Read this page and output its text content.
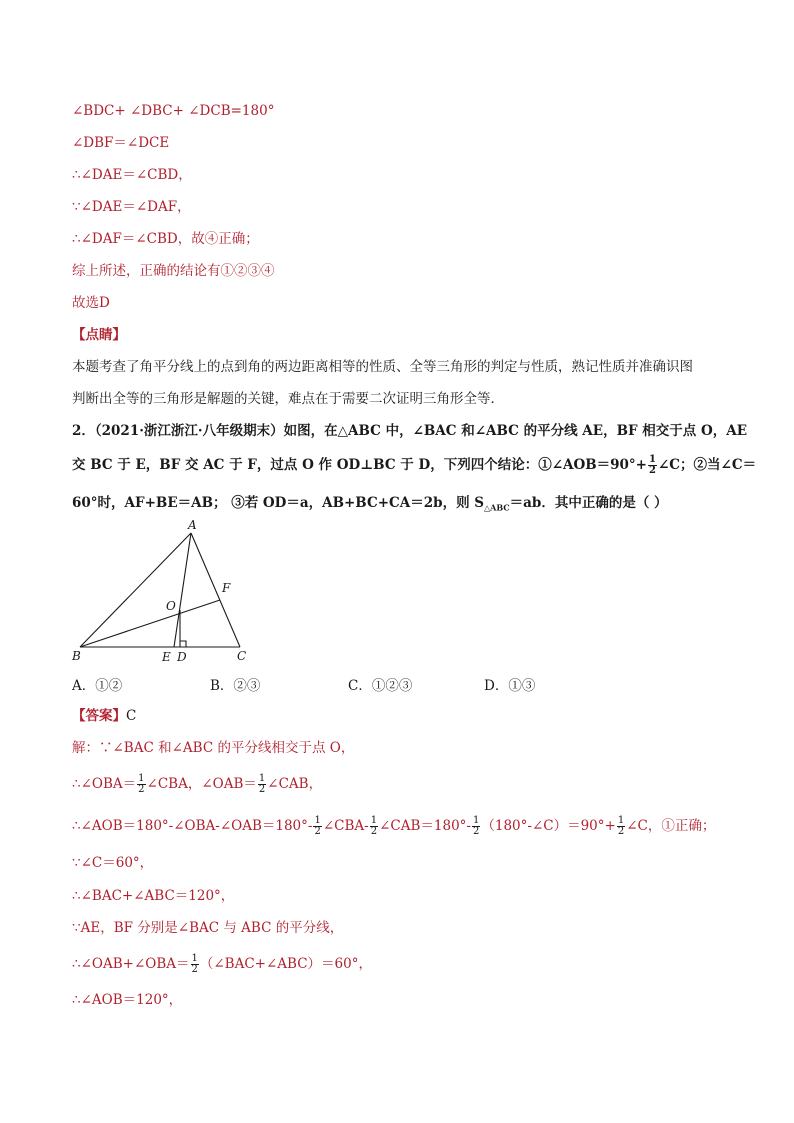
∠BDC+ ∠DBC+ ∠DCB=180°
∠DBF＝∠DCE
∴∠DAE＝∠CBD，
∵∠DAE＝∠DAF，
∴∠DAF＝∠CBD，故④正确；
综上所述，正确的结论有①②③④
故选D
【点睛】
本题考查了角平分线上的点到角的两边距离相等的性质、全等三角形的判定与性质，熟记性质并准确识图
判断出全等的三角形是解题的关键，难点在于需要二次证明三角形全等．
2．（2021·浙江浙江·八年级期末）如图，在△ABC 中，∠BAC 和∠ABC 的平分线 AE，BF 相交于点 O，AE
交 BC 于 E，BF 交 AC 于 F，过点 O 作 OD⊥BC 于 D，下列四个结论：①∠AOB＝90°+ $\frac{1}{2}$ ∠C；②当∠C＝
60°时，AF+BE＝AB； ③若 OD＝a，AB+BC+CA＝2b，则 $S_{\triangle ABC}=ab$．其中正确的是（ ）
A
B	C
D
E
F
O
A．①②	B．②③	C．①②③	D．①③
【答案】C
解：∵∠BAC 和∠ABC 的平分线相交于点 O，
∴∠OBA＝ $\frac{1}{2}$ ∠CBA，∠OAB＝ $\frac{1}{2}$ ∠CAB，
∴∠AOB＝180°-∠OBA-∠OAB＝180°- $\frac{1}{2}$ ∠CBA- $\frac{1}{2}$ ∠CAB＝180°- $\frac{1}{2}$ （180°-∠C）＝90°+ $\frac{1}{2}$ ∠C，①正确；
∵∠C＝60°，
∴∠BAC+∠ABC＝120°，
∵AE，BF 分别是∠BAC 与 ABC 的平分线，
∴∠OAB+∠OBA＝ $\frac{1}{2}$ （∠BAC+∠ABC）＝60°，
∴∠AOB＝120°，
